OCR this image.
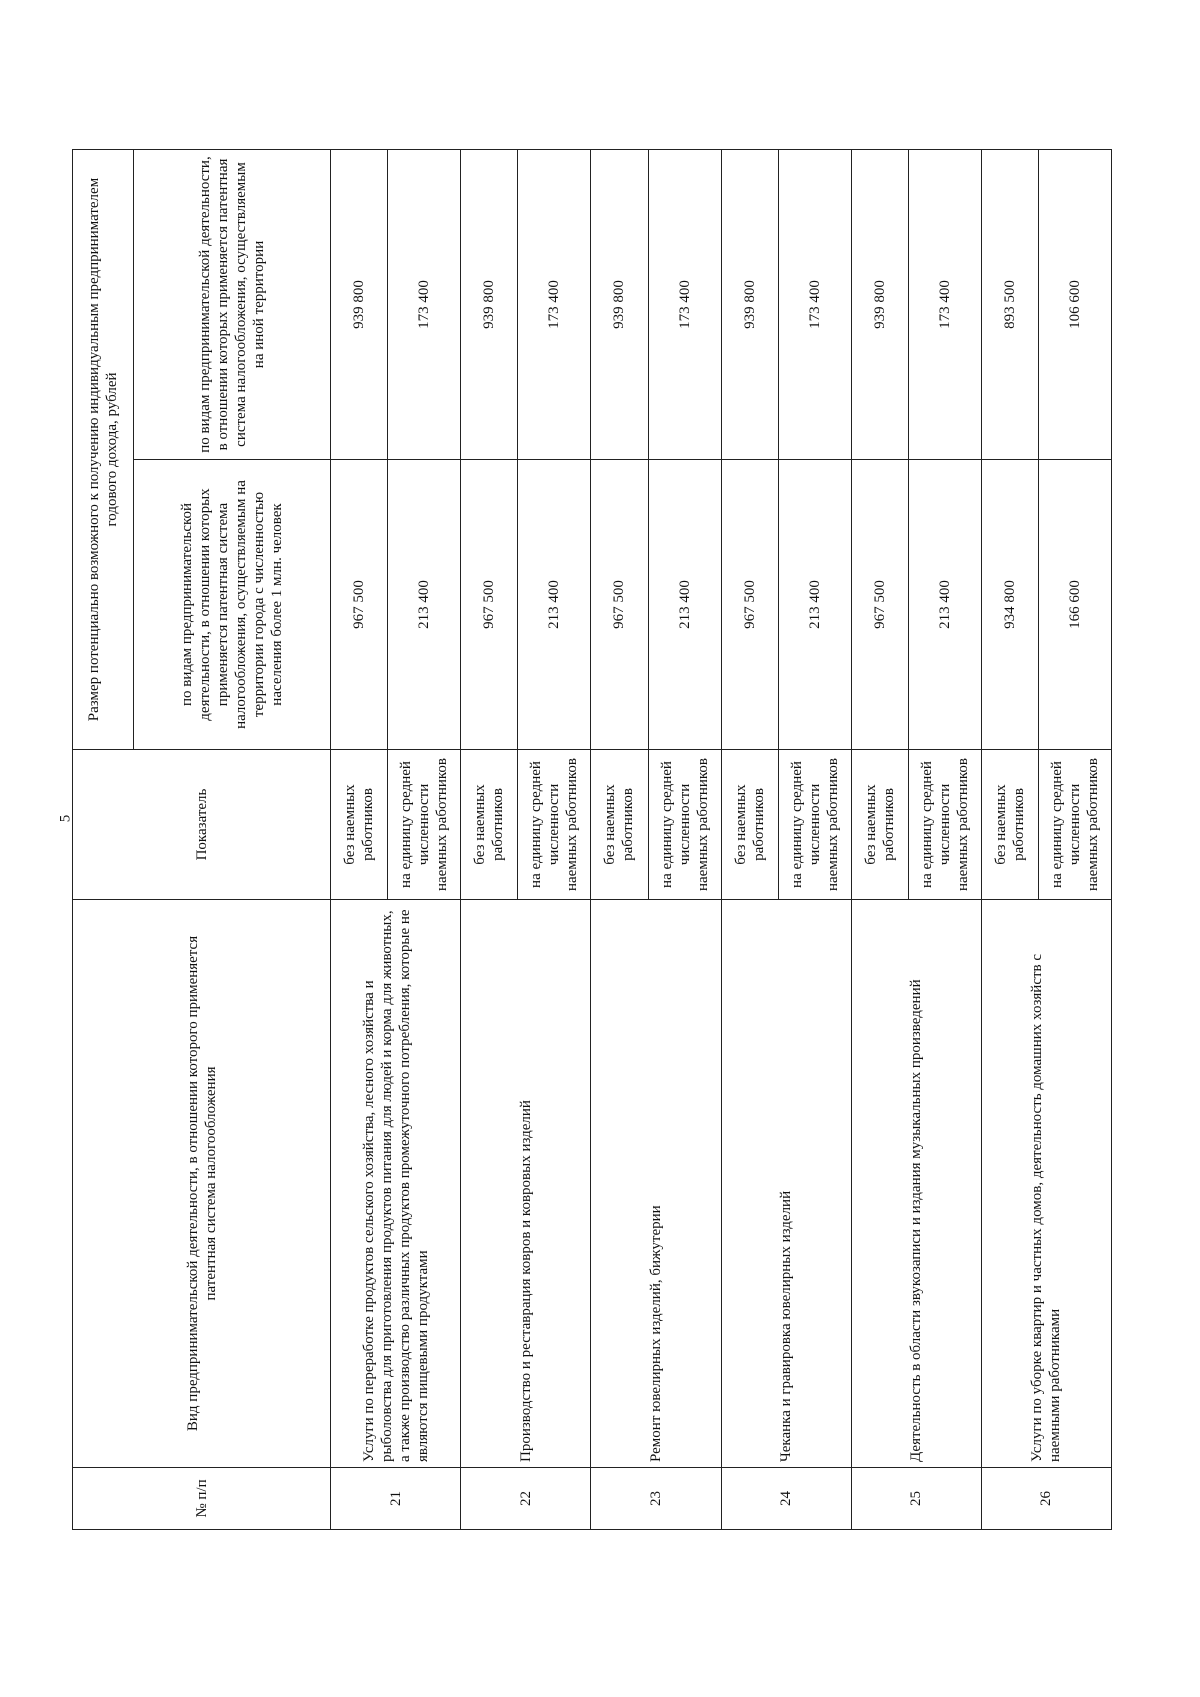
5
№ п/п	Вид предпринимательской деятельности, в отношении которого применяется патентная система налогообложения	Показатель	Размер потенциально возможного к получению индивидуальным предпринимателем годового дохода, рублей	
			по видам предпринимательской деятельности, в отношении которых применяется патентная система налогообложения, осуществляемым на территории города с численностью населения более 1 млн. человек	по видам предпринимательской деятельности, в отношении которых применяется патентная система налогообложения, осуществляемым на иной территории
21	Услуги по переработке продуктов сельского хозяйства, лесного хозяйства и рыболовства для приготовления продуктов питания для людей и корма для животных, а также производство различных продуктов промежуточного потребления, которые не являются пищевыми продуктами	без наемных работников	967 500	939 800
		на единицу средней численности наемных работников	213 400	173 400
22	Производство и реставрация ковров и ковровых изделий	без наемных работников	967 500	939 800
		на единицу средней численности наемных работников	213 400	173 400
23	Ремонт ювелирных изделий, бижутерии	без наемных работников	967 500	939 800
		на единицу средней численности наемных работников	213 400	173 400
24	Чеканка и гравировка ювелирных изделий	без наемных работников	967 500	939 800
		на единицу средней численности наемных работников	213 400	173 400
25	Деятельность в области звукозаписи и издания музыкальных произведений	без наемных работников	967 500	939 800
		на единицу средней численности наемных работников	213 400	173 400
26	Услуги по уборке квартир и частных домов, деятельность домашних хозяйств с наемными работниками	без наемных работников	934 800	893 500
		на единицу средней численности наемных работников	166 600	106 600
